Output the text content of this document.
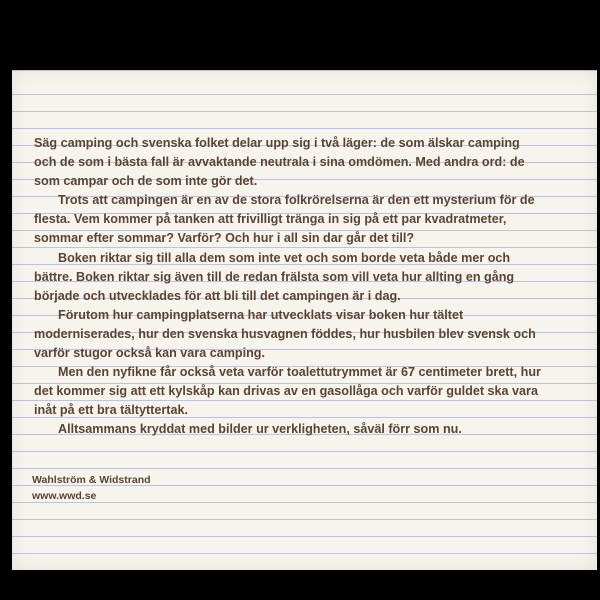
Säg camping och svenska folket delar upp sig i två läger: de som älskar camping och de som i bästa fall är avvaktande neutrala i sina omdömen. Med andra ord: de som campar och de som inte gör det.

Trots att campingen är en av de stora folkrörelserna är den ett mysterium för de flesta. Vem kommer på tanken att frivilligt tränga in sig på ett par kvadratmeter, sommar efter sommar? Varför? Och hur i all sin dar går det till?

Boken riktar sig till alla dem som inte vet och som borde veta både mer och bättre. Boken riktar sig även till de redan frälsta som vill veta hur allting en gång började och utvecklades för att bli till det campingen är i dag.

Förutom hur campingplatserna har utvecklats visar boken hur tältet moderniserades, hur den svenska husvagnen föddes, hur husbilen blev svensk och varför stugor också kan vara camping.

Men den nyfikne får också veta varför toalettutrymmet är 67 centimeter brett, hur det kommer sig att ett kylskåp kan drivas av en gasollåga och varför guldet ska vara inåt på ett bra tältyttertak.

Alltsammans kryddat med bilder ur verkligheten, såväl förr som nu.

Wahlström & Widstrand
www.wwd.se
